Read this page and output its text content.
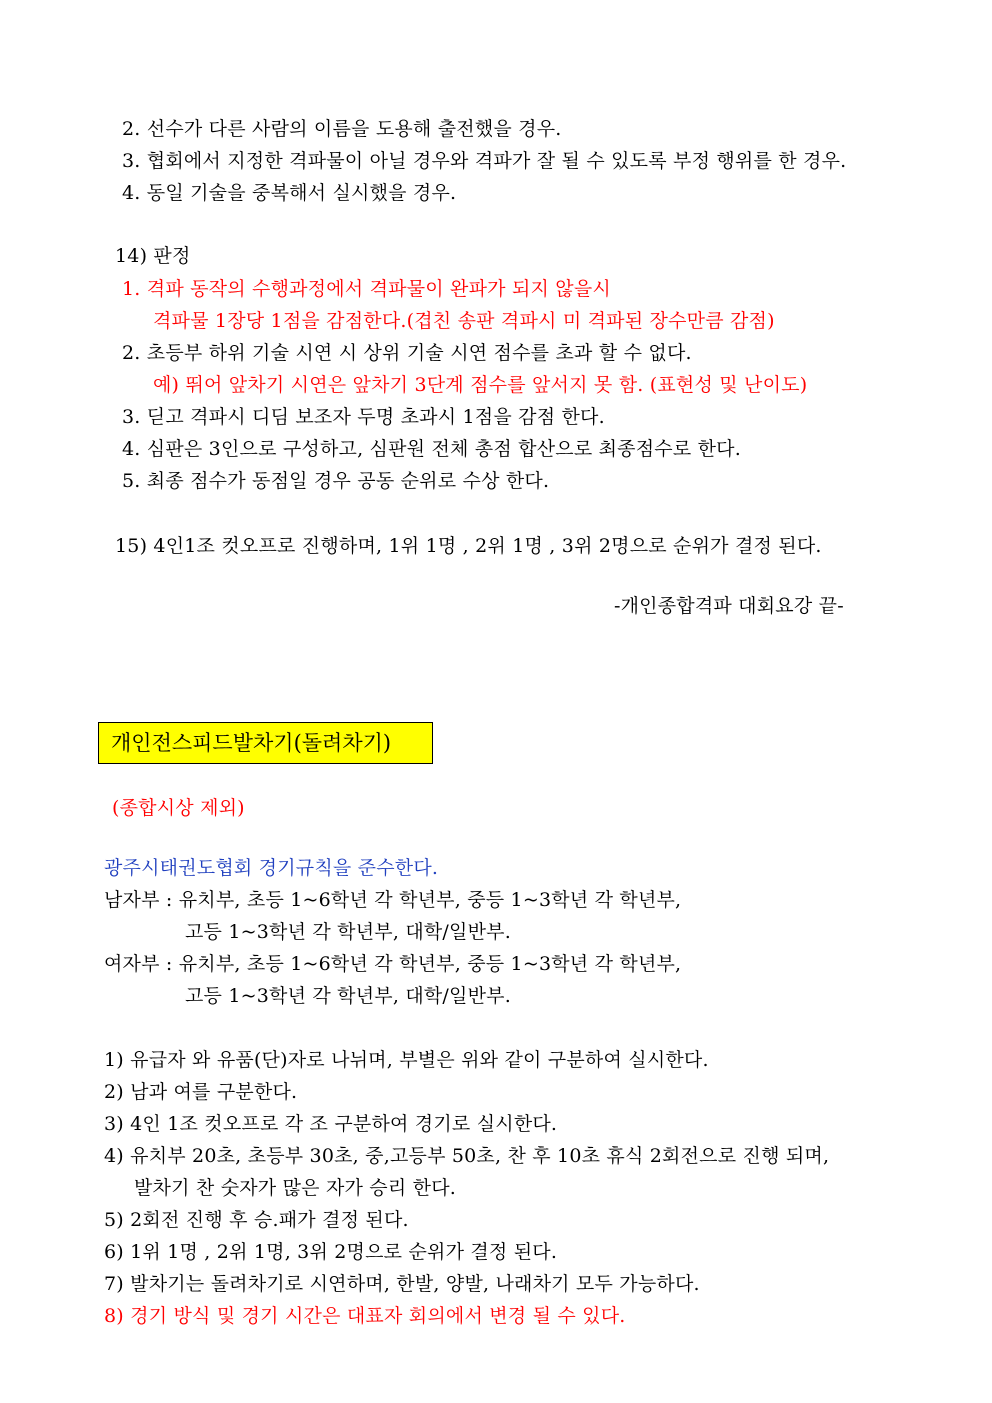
2. 선수가 다른 사람의 이름을 도용해 출전했을 경우.
3. 협회에서 지정한 격파물이 아닐 경우와 격파가 잘 될 수 있도록 부정 행위를 한 경우.
4. 동일 기술을 중복해서 실시했을 경우.
14) 판정
1. 격파 동작의 수행과정에서 격파물이 완파가 되지 않을시
격파물 1장당 1점을 감점한다.(겹친 송판 격파시 미 격파된 장수만큼 감점)
2. 초등부 하위 기술 시연 시 상위 기술 시연 점수를 초과 할 수 없다.
예) 뛰어 앞차기 시연은 앞차기 3단계 점수를 앞서지 못 함. (표현성 및 난이도)
3. 딛고 격파시 디딤 보조자 두명 초과시 1점을 감점 한다.
4. 심판은 3인으로 구성하고, 심판원 전체 총점 합산으로 최종점수로 한다.
5. 최종 점수가 동점일 경우 공동 순위로 수상 한다.
15) 4인1조 컷오프로 진행하며, 1위 1명 , 2위 1명 , 3위 2명으로 순위가 결정 된다.
-개인종합격파 대회요강 끝-
개인전스피드발차기(돌려차기)
(종합시상 제외)
광주시태권도협회 경기규칙을 준수한다.
남자부 : 유치부, 초등 1~6학년 각 학년부, 중등 1~3학년 각 학년부,
고등 1~3학년 각 학년부, 대학/일반부.
여자부 : 유치부, 초등 1~6학년 각 학년부, 중등 1~3학년 각 학년부,
고등 1~3학년 각 학년부, 대학/일반부.
1) 유급자 와 유품(단)자로 나뉘며, 부별은 위와 같이 구분하여 실시한다.
2) 남과 여를 구분한다.
3) 4인 1조 컷오프로 각 조 구분하여 경기로 실시한다.
4) 유치부 20초, 초등부 30초, 중,고등부 50초, 찬 후 10초 휴식 2회전으로 진행 되며,
발차기 찬 숫자가 많은 자가 승리 한다.
5) 2회전 진행 후 승.패가 결정 된다.
6) 1위 1명 , 2위 1명, 3위 2명으로 순위가 결정 된다.
7) 발차기는 돌려차기로 시연하며, 한발, 양발, 나래차기 모두 가능하다.
8) 경기 방식 및 경기 시간은 대표자 회의에서 변경 될 수 있다.
